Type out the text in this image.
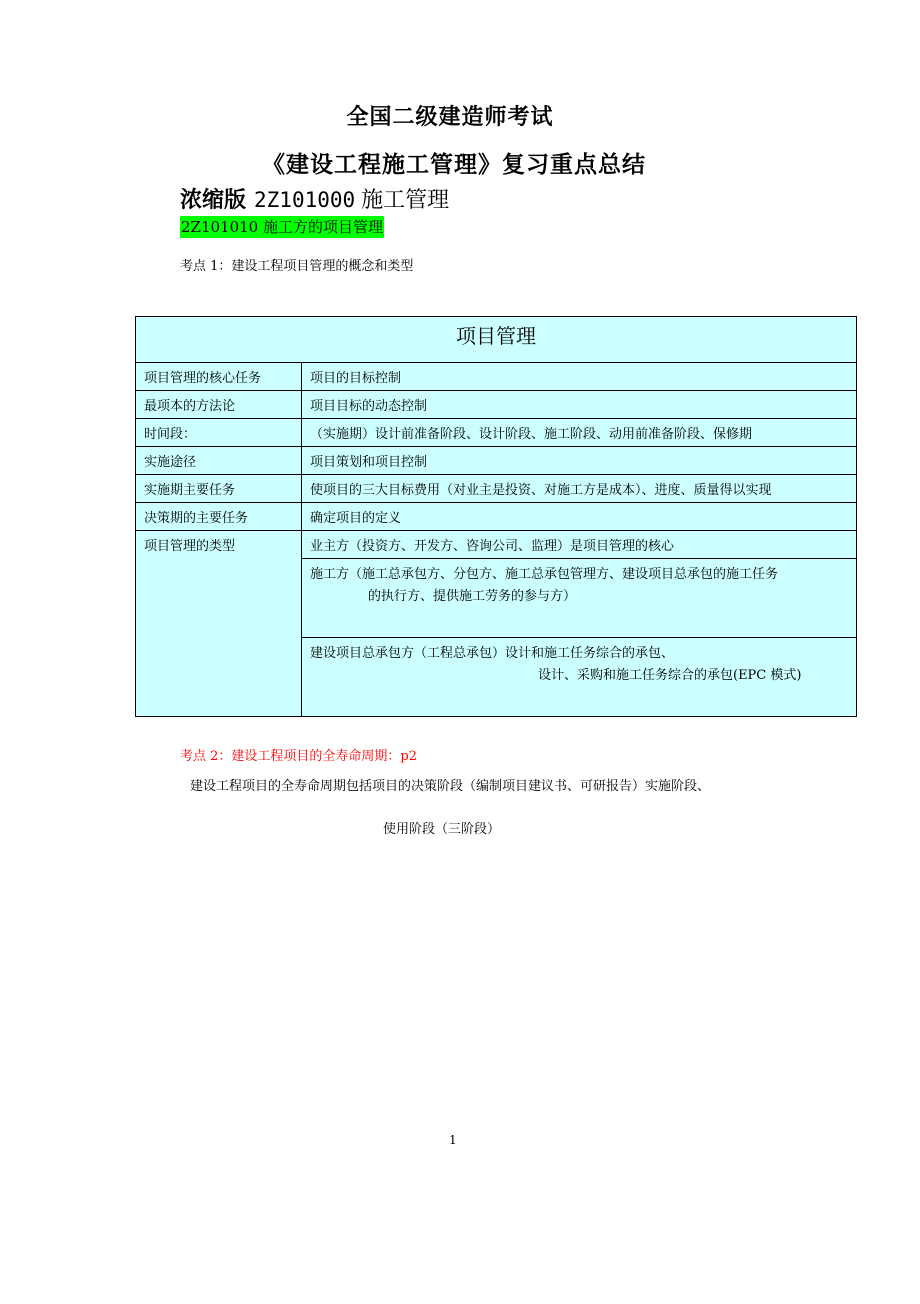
全国二级建造师考试
《建设工程施工管理》复习重点总结
浓缩版 2Z101000 施工管理
2Z101010 施工方的项目管理
考点 1：建设工程项目管理的概念和类型
项目管理	
项目管理的核心任务	项目的目标控制
最项本的方法论	项目目标的动态控制
时间段：	（实施期）设计前准备阶段、设计阶段、施工阶段、动用前准备阶段、保修期
实施途径	项目策划和项目控制
实施期主要任务	使项目的三大目标费用（对业主是投资、对施工方是成本）、进度、质量得以实现
决策期的主要任务	确定项目的定义
项目管理的类型	业主方（投资方、开发方、咨询公司、监理）是项目管理的核心

	施工方（施工总承包方、分包方、施工总承包管理方、建设项目总承包的施工任务
的执行方、提供施工劳务的参与方）

	建设项目总承包方（工程总承包）设计和施工任务综合的承包、
设计、采购和施工任务综合的承包(EPC 模式)
考点 2：建设工程项目的全寿命周期：p2
建设工程项目的全寿命周期包括项目的决策阶段（编制项目建议书、可研报告）实施阶段、
使用阶段（三阶段）
1
